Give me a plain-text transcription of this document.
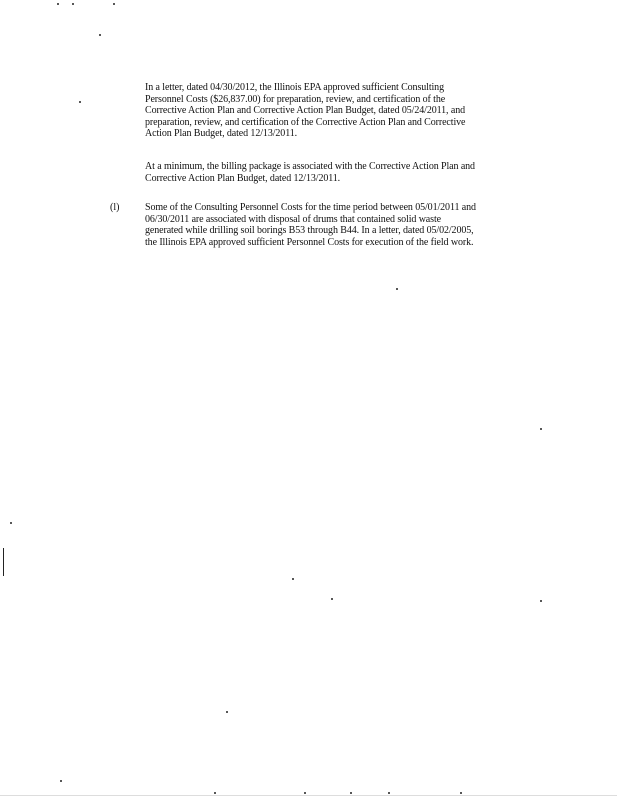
In a letter, dated 04/30/2012, the Illinois EPA approved sufficient Consulting
Personnel Costs ($26,837.00) for preparation, review, and certification of the
Corrective Action Plan and Corrective Action Plan Budget, dated 05/24/2011, and
preparation, review, and certification of the Corrective Action Plan and Corrective
Action Plan Budget, dated 12/13/2011.
At a minimum, the billing package is associated with the Corrective Action Plan and
Corrective Action Plan Budget, dated 12/13/2011.
(l)	Some of the Consulting Personnel Costs for the time period between 05/01/2011 and
06/30/2011 are associated with disposal of drums that contained solid waste
generated while drilling soil borings B53 through B44. In a letter, dated 05/02/2005,
the Illinois EPA approved sufficient Personnel Costs for execution of the field work.
